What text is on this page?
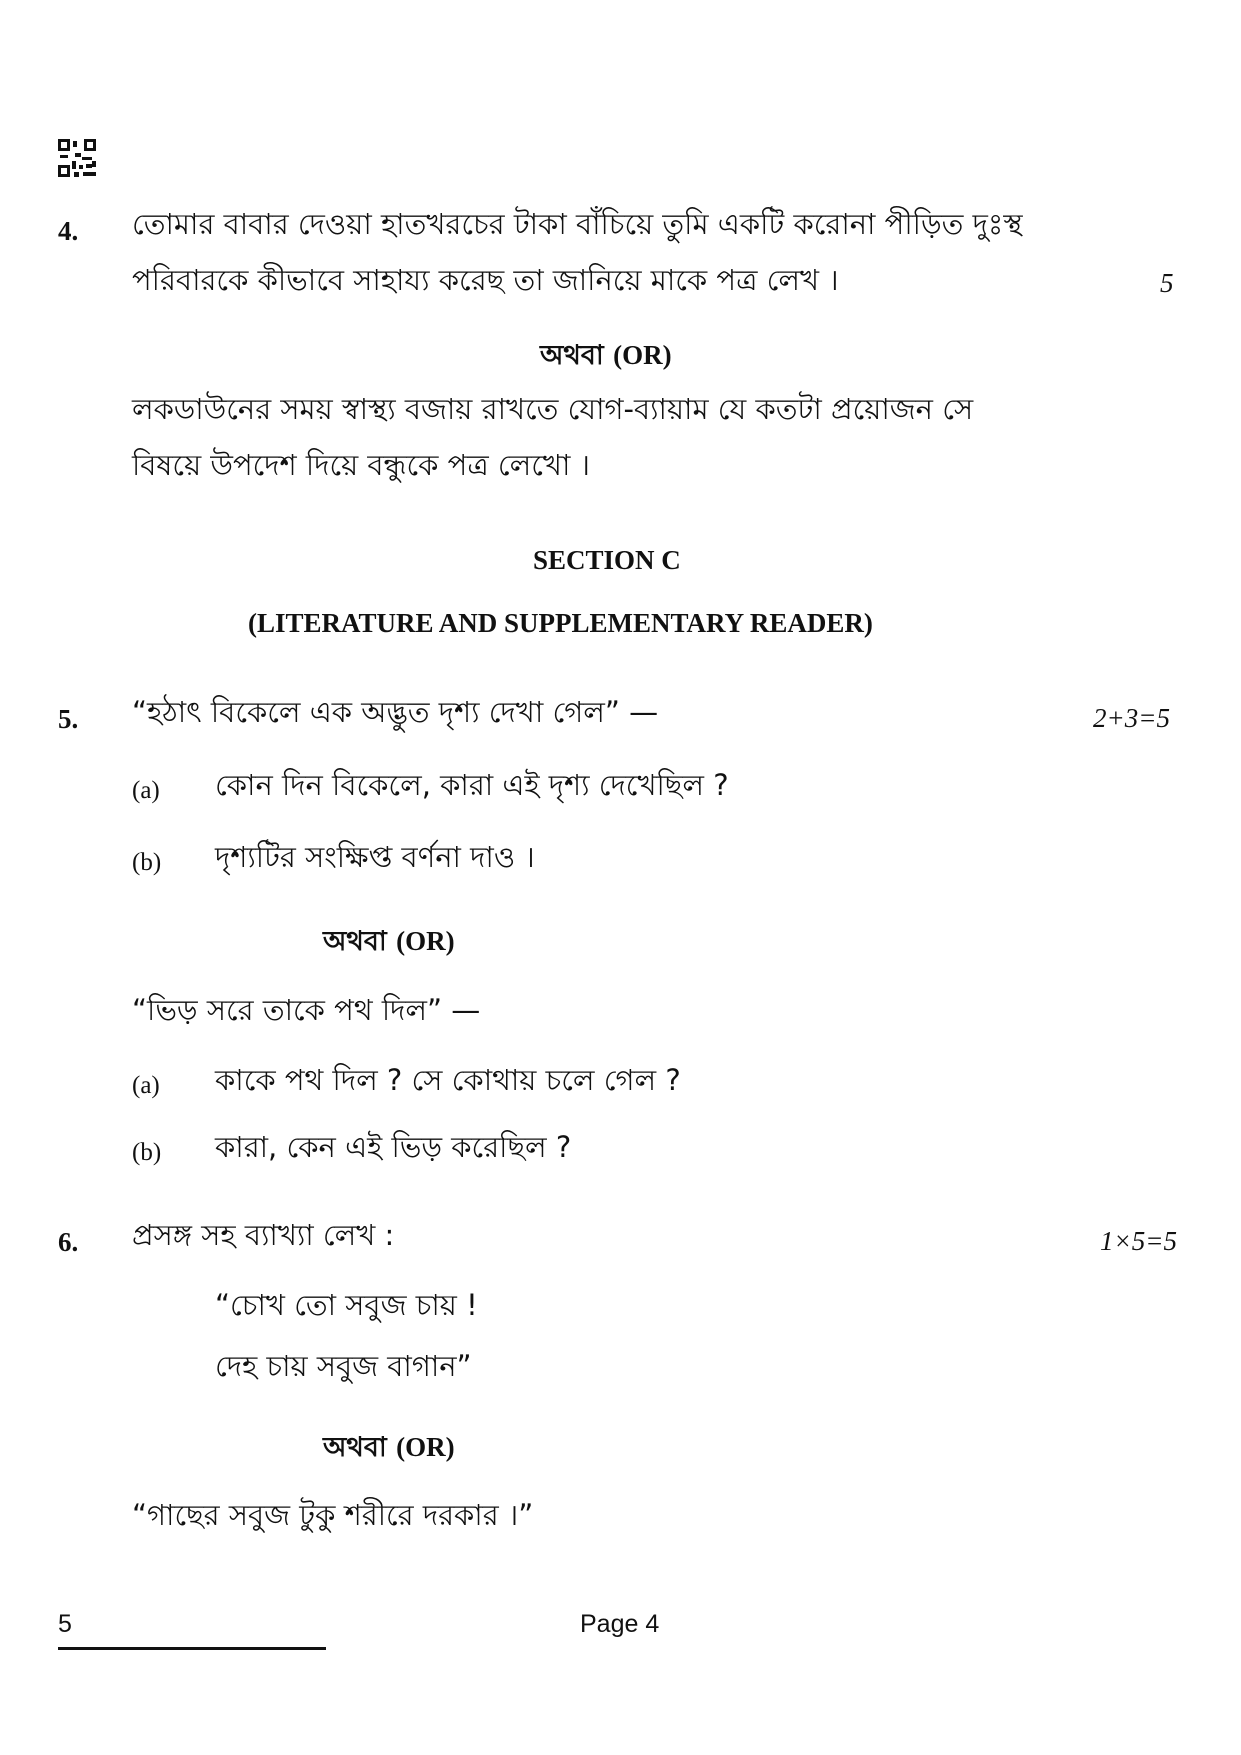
4. তোমার বাবার দেওয়া হাতখরচের টাকা বাঁচিয়ে তুমি একটি করোনা পীড়িত দুঃস্থ
পরিবারকে কীভাবে সাহায্য করেছ তা জানিয়ে মাকে পত্র লেখ ।	5
অথবা (OR)
লকডাউনের সময় স্বাস্থ্য বজায় রাখতে যোগ-ব্যায়াম যে কতটা প্রয়োজন সে
বিষয়ে উপদেশ দিয়ে বন্ধুকে পত্র লেখো ।
SECTION C
(LITERATURE AND SUPPLEMENTARY READER)
5. “হঠাৎ বিকেলে এক অদ্ভুত দৃশ্য দেখা গেল” —	2+3=5
(a) কোন দিন বিকেলে, কারা এই দৃশ্য দেখেছিল ?
(b) দৃশ্যটির সংক্ষিপ্ত বর্ণনা দাও ।
অথবা (OR)
“ভিড় সরে তাকে পথ দিল” —
(a) কাকে পথ দিল ? সে কোথায় চলে গেল ?
(b) কারা, কেন এই ভিড় করেছিল ?
6. প্রসঙ্গ সহ ব্যাখ্যা লেখ :	1×5=5
“চোখ তো সবুজ চায় !
দেহ চায় সবুজ বাগান”
অথবা (OR)
“গাছের সবুজ টুকু শরীরে দরকার ।”
5	Page 4
